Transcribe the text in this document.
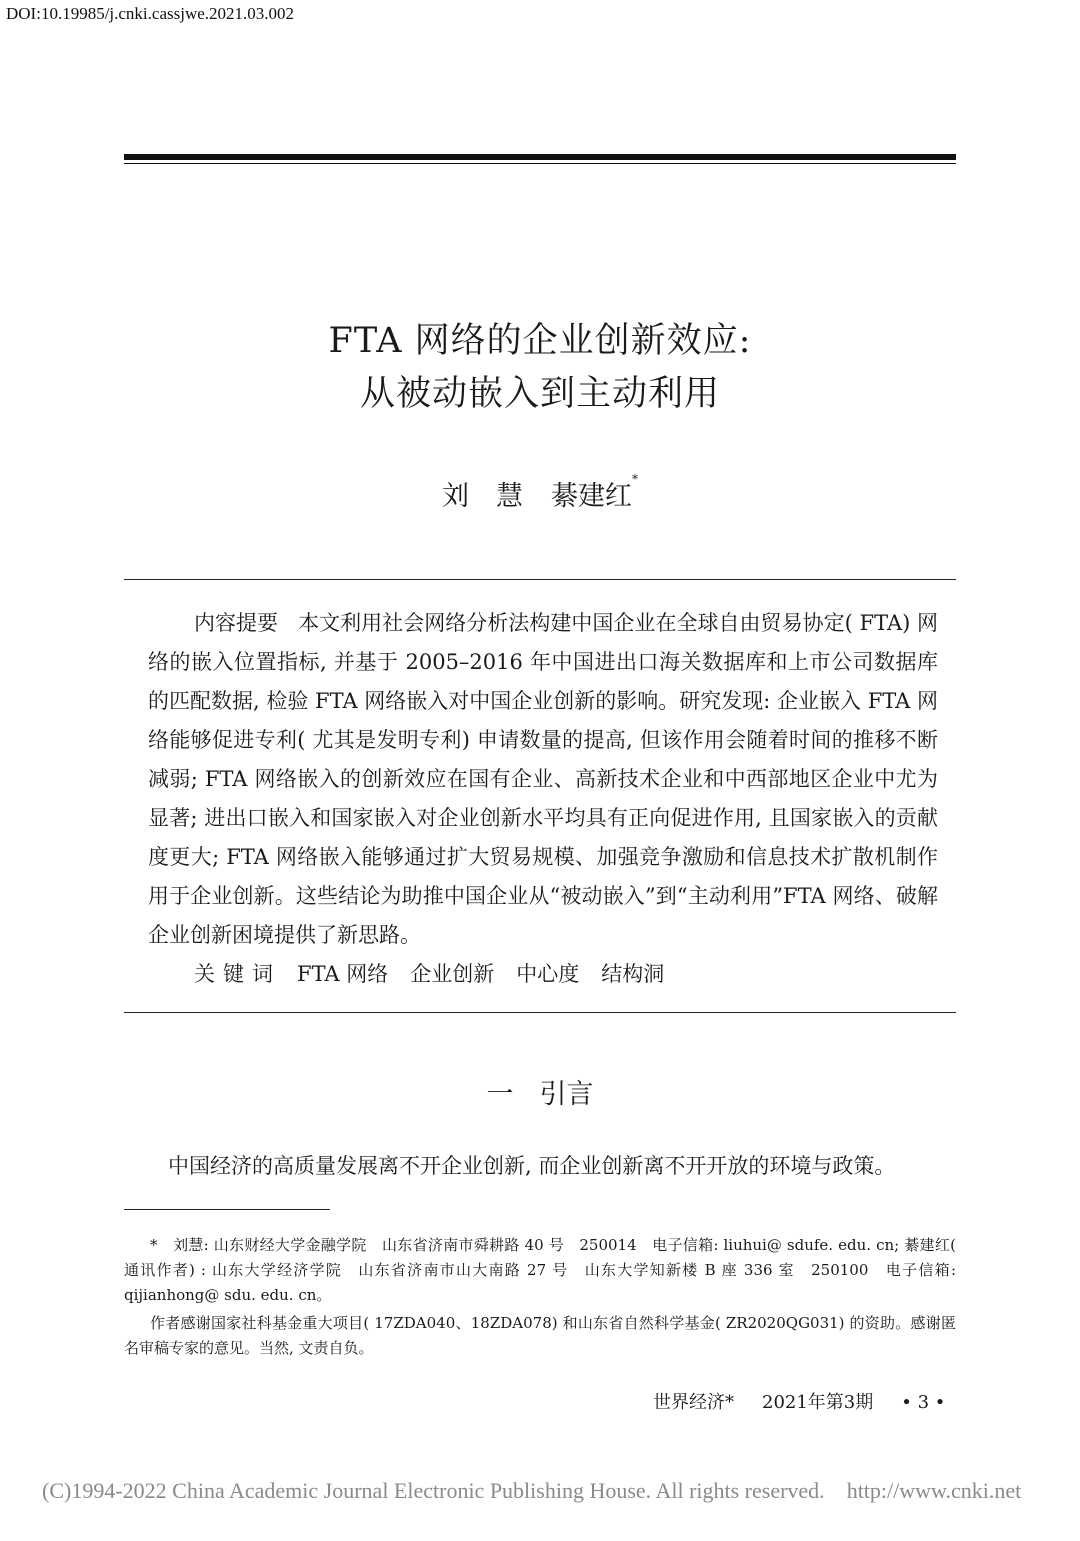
DOI:10.19985/j.cnki.cassjwe.2021.03.002
FTA 网络的企业创新效应:
从被动嵌入到主动利用
刘　慧 綦建红*

内容提要 本文利用社会网络分析法构建中国企业在全球自由贸易协定( FTA) 网络的嵌入位置指标, 并基于 2005–2016 年中国进出口海关数据库和上市公司数据库的匹配数据, 检验 FTA 网络嵌入对中国企业创新的影响。研究发现: 企业嵌入 FTA 网络能够促进专利( 尤其是发明专利) 申请数量的提高, 但该作用会随着时间的推移不断减弱; FTA 网络嵌入的创新效应在国有企业、高新技术企业和中西部地区企业中尤为显著; 进出口嵌入和国家嵌入对企业创新水平均具有正向促进作用, 且国家嵌入的贡献度更大; FTA 网络嵌入能够通过扩大贸易规模、加强竞争激励和信息技术扩散机制作用于企业创新。这些结论为助推中国企业从“被动嵌入”到“主动利用”FTA 网络、破解企业创新困境提供了新思路。

关键词 FTA 网络 企业创新 中心度 结构洞
一 引言
中国经济的高质量发展离不开企业创新, 而企业创新离不开开放的环境与政策。

*　刘慧: 山东财经大学金融学院　山东省济南市舜耕路 40 号　250014　电子信箱: liuhui@ sdufe. edu. cn; 綦建红( 通讯作者) : 山东大学经济学院　山东省济南市山大南路 27 号　山东大学知新楼 B 座 336 室　250100　电子信箱: qijianhong@ sdu. edu. cn。

作者感谢国家社科基金重大项目( 17ZDA040、18ZDA078) 和山东省自然科学基金( ZR2020QG031) 的资助。感谢匿名审稿专家的意见。当然, 文责自负。

世界经济* 2021年第3期 • 3 •
(C)1994-2022 China Academic Journal Electronic Publishing House. All rights reserved. http://www.cnki.net
